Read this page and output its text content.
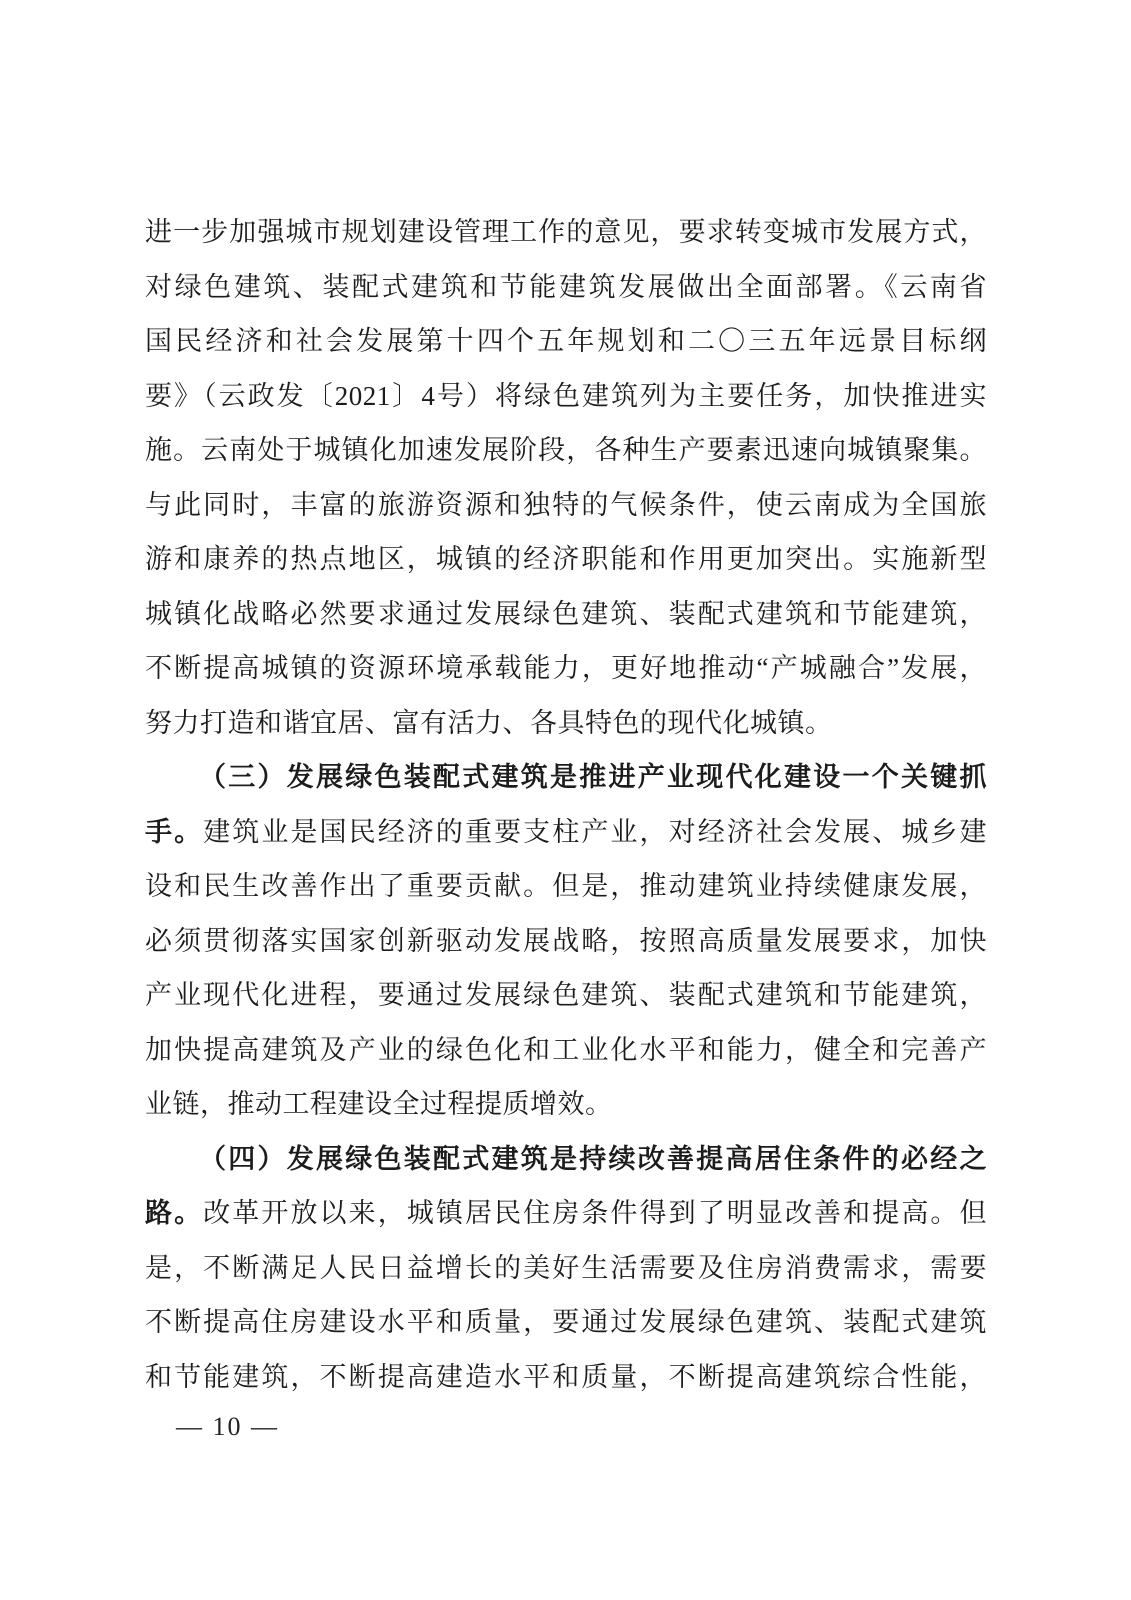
进一步加强城市规划建设管理工作的意见，要求转变城市发展方式，
对绿色建筑、装配式建筑和节能建筑发展做出全面部署。《云南省
国民经济和社会发展第十四个五年规划和二〇三五年远景目标纲
要》（云政发〔2021〕4号）将绿色建筑列为主要任务，加快推进实
施。云南处于城镇化加速发展阶段，各种生产要素迅速向城镇聚集。
与此同时，丰富的旅游资源和独特的气候条件，使云南成为全国旅
游和康养的热点地区，城镇的经济职能和作用更加突出。实施新型
城镇化战略必然要求通过发展绿色建筑、装配式建筑和节能建筑，
不断提高城镇的资源环境承载能力，更好地推动“产城融合”发展，
努力打造和谐宜居、富有活力、各具特色的现代化城镇。
（三）发展绿色装配式建筑是推进产业现代化建设一个关键抓
手。建筑业是国民经济的重要支柱产业，对经济社会发展、城乡建
设和民生改善作出了重要贡献。但是，推动建筑业持续健康发展，
必须贯彻落实国家创新驱动发展战略，按照高质量发展要求，加快
产业现代化进程，要通过发展绿色建筑、装配式建筑和节能建筑，
加快提高建筑及产业的绿色化和工业化水平和能力，健全和完善产
业链，推动工程建设全过程提质增效。
（四）发展绿色装配式建筑是持续改善提高居住条件的必经之
路。改革开放以来，城镇居民住房条件得到了明显改善和提高。但
是，不断满足人民日益增长的美好生活需要及住房消费需求，需要
不断提高住房建设水平和质量，要通过发展绿色建筑、装配式建筑
和节能建筑，不断提高建造水平和质量，不断提高建筑综合性能，
— 10 —
